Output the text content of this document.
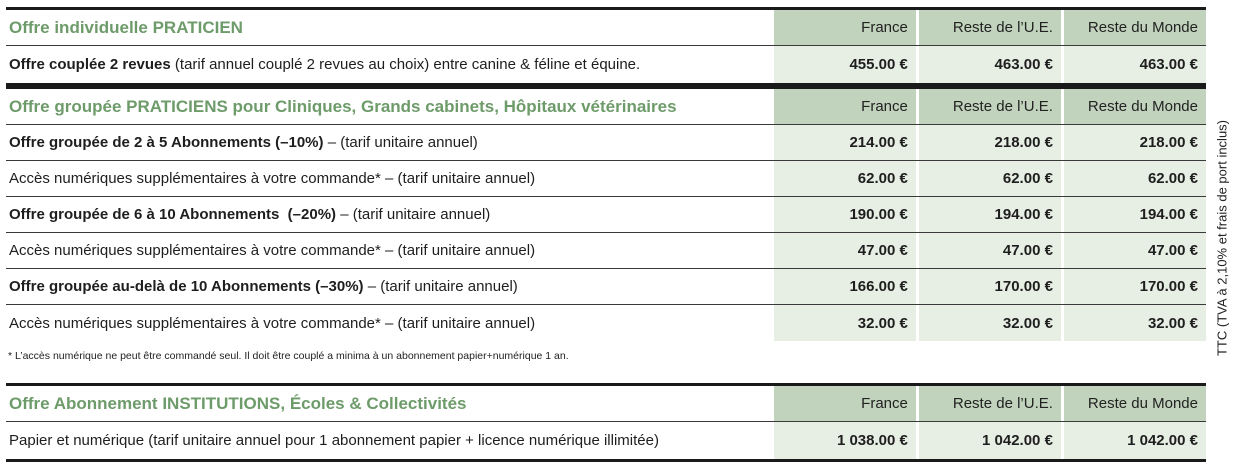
Offre individuelle PRATICIEN	France	Reste de l’U.E.	Reste du Monde
Offre couplée 2 revues (tarif annuel couplé 2 revues au choix) entre canine & féline et équine.	455.00 €	463.00 €	463.00 €
Offre groupée PRATICIENS pour Cliniques, Grands cabinets, Hôpitaux vétérinaires	France	Reste de l’U.E.	Reste du Monde
Offre groupée de 2 à 5 Abonnements (–10%) – (tarif unitaire annuel)	214.00 €	218.00 €	218.00 €
Accès numériques supplémentaires à votre commande* – (tarif unitaire annuel)	62.00 €	62.00 €	62.00 €
Offre groupée de 6 à 10 Abonnements  (–20%) – (tarif unitaire annuel)	190.00 €	194.00 €	194.00 €
Accès numériques supplémentaires à votre commande* – (tarif unitaire annuel)	47.00 €	47.00 €	47.00 €
Offre groupée au-delà de 10 Abonnements (–30%) – (tarif unitaire annuel)	166.00 €	170.00 €	170.00 €
Accès numériques supplémentaires à votre commande* – (tarif unitaire annuel)	32.00 €	32.00 €	32.00 €
* L’accès numérique ne peut être commandé seul. Il doit être couplé a minima à un abonnement papier+numérique 1 an.
Offre Abonnement INSTITUTIONS, Écoles & Collectivités	France	Reste de l’U.E.	Reste du Monde
Papier et numérique (tarif unitaire annuel pour 1 abonnement papier + licence numérique illimitée)	1 038.00 €	1 042.00 €	1 042.00 €
TTC (TVA à 2,10% et frais de port inclus)
